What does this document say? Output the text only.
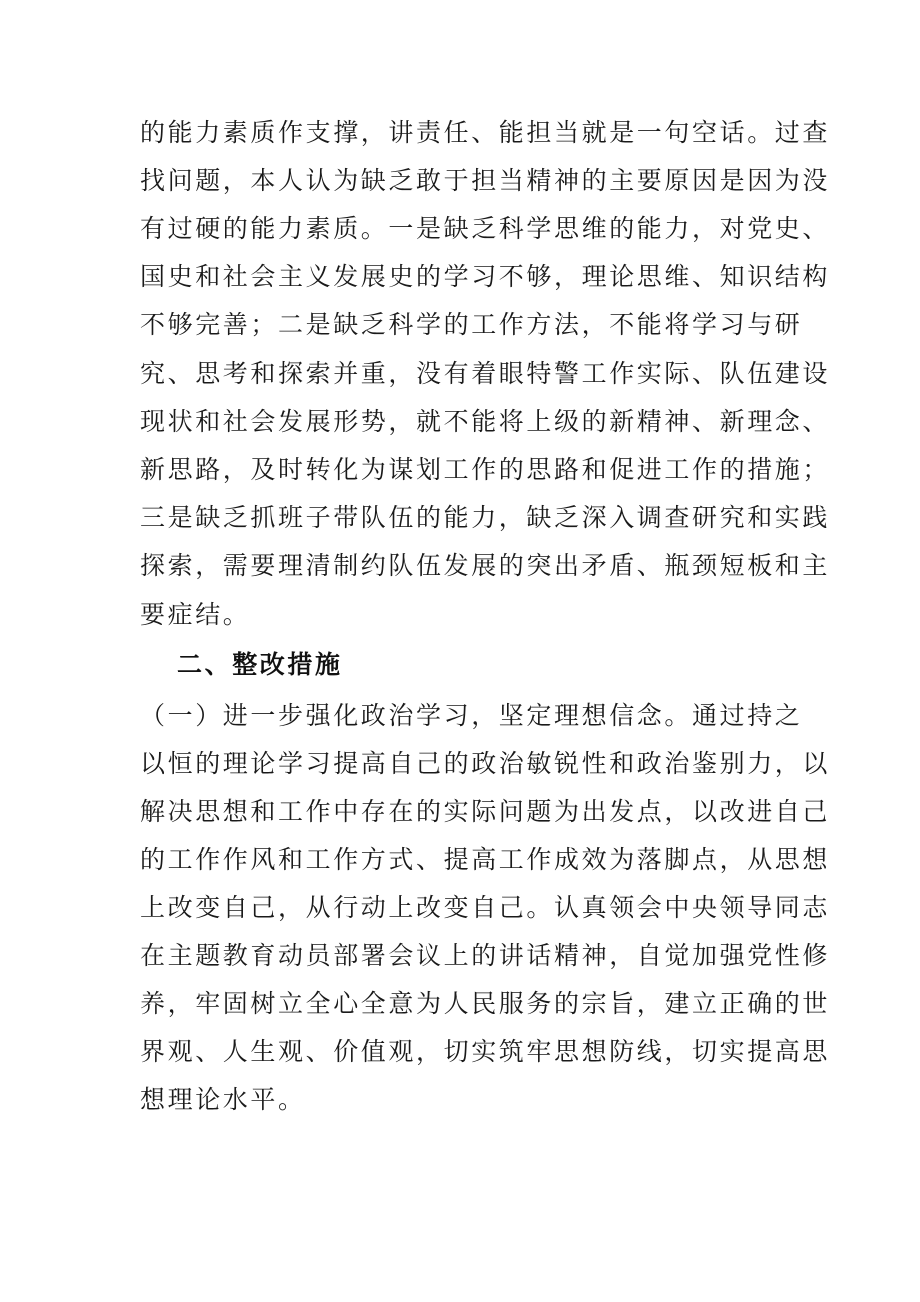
的能力素质作支撑，讲责任、能担当就是一句空话。过查
找问题，本人认为缺乏敢于担当精神的主要原因是因为没
有过硬的能力素质。一是缺乏科学思维的能力，对党史、
国史和社会主义发展史的学习不够，理论思维、知识结构
不够完善；二是缺乏科学的工作方法，不能将学习与研
究、思考和探索并重，没有着眼特警工作实际、队伍建设
现状和社会发展形势，就不能将上级的新精神、新理念、
新思路，及时转化为谋划工作的思路和促进工作的措施；
三是缺乏抓班子带队伍的能力，缺乏深入调查研究和实践
探索，需要理清制约队伍发展的突出矛盾、瓶颈短板和主
要症结。
二、整改措施
（一）进一步强化政治学习，坚定理想信念。通过持之
以恒的理论学习提高自己的政治敏锐性和政治鉴别力，以
解决思想和工作中存在的实际问题为出发点，以改进自己
的工作作风和工作方式、提高工作成效为落脚点，从思想
上改变自己，从行动上改变自己。认真领会中央领导同志
在主题教育动员部署会议上的讲话精神，自觉加强党性修
养，牢固树立全心全意为人民服务的宗旨，建立正确的世
界观、人生观、价值观，切实筑牢思想防线，切实提高思
想理论水平。
